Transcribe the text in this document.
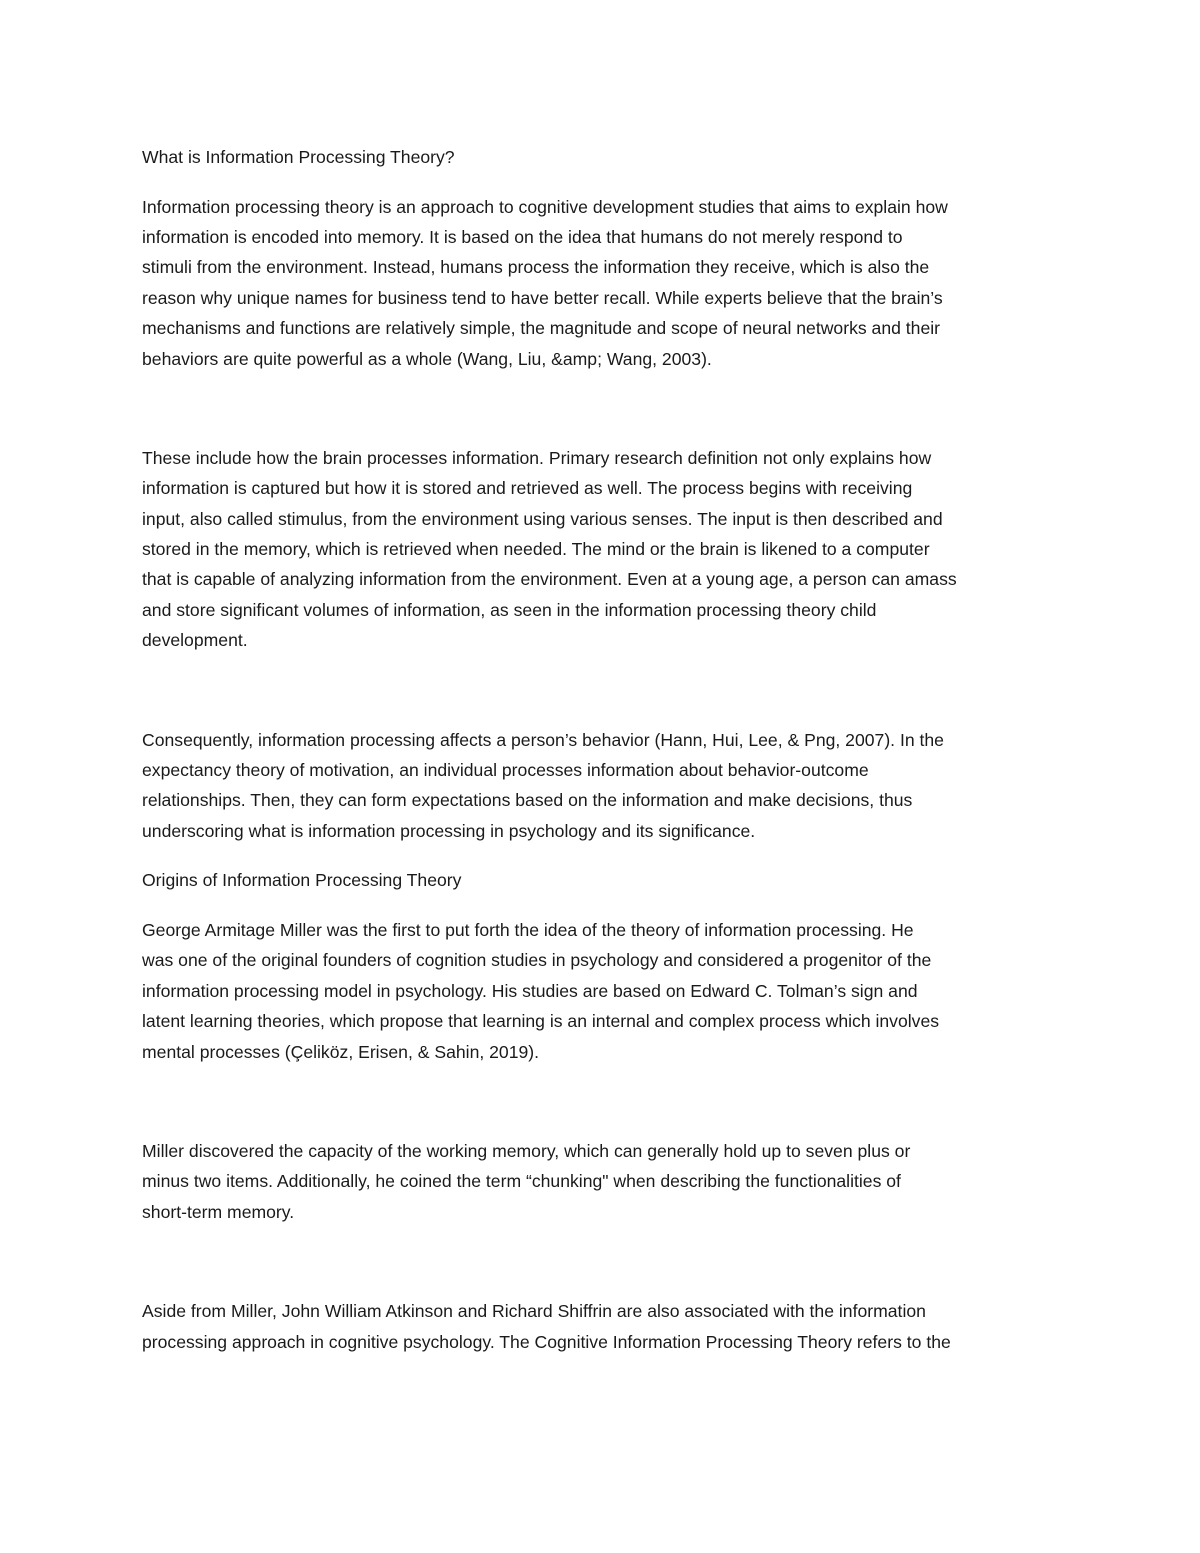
What is Information Processing Theory?
Information processing theory is an approach to cognitive development studies that aims to explain how
information is encoded into memory. It is based on the idea that humans do not merely respond to
stimuli from the environment. Instead, humans process the information they receive, which is also the
reason why unique names for business tend to have better recall. While experts believe that the brain’s
mechanisms and functions are relatively simple, the magnitude and scope of neural networks and their
behaviors are quite powerful as a whole (Wang, Liu, &amp; Wang, 2003).
These include how the brain processes information. Primary research definition not only explains how
information is captured but how it is stored and retrieved as well. The process begins with receiving
input, also called stimulus, from the environment using various senses. The input is then described and
stored in the memory, which is retrieved when needed. The mind or the brain is likened to a computer
that is capable of analyzing information from the environment. Even at a young age, a person can amass
and store significant volumes of information, as seen in the information processing theory child
development.
Consequently, information processing affects a person’s behavior (Hann, Hui, Lee, & Png, 2007). In the
expectancy theory of motivation, an individual processes information about behavior-outcome
relationships. Then, they can form expectations based on the information and make decisions, thus
underscoring what is information processing in psychology and its significance.
Origins of Information Processing Theory
George Armitage Miller was the first to put forth the idea of the theory of information processing. He
was one of the original founders of cognition studies in psychology and considered a progenitor of the
information processing model in psychology. His studies are based on Edward C. Tolman’s sign and
latent learning theories, which propose that learning is an internal and complex process which involves
mental processes (Çeliköz, Erisen, & Sahin, 2019).
Miller discovered the capacity of the working memory, which can generally hold up to seven plus or
minus two items. Additionally, he coined the term “chunking" when describing the functionalities of
short-term memory.
Aside from Miller, John William Atkinson and Richard Shiffrin are also associated with the information
processing approach in cognitive psychology. The Cognitive Information Processing Theory refers to the
